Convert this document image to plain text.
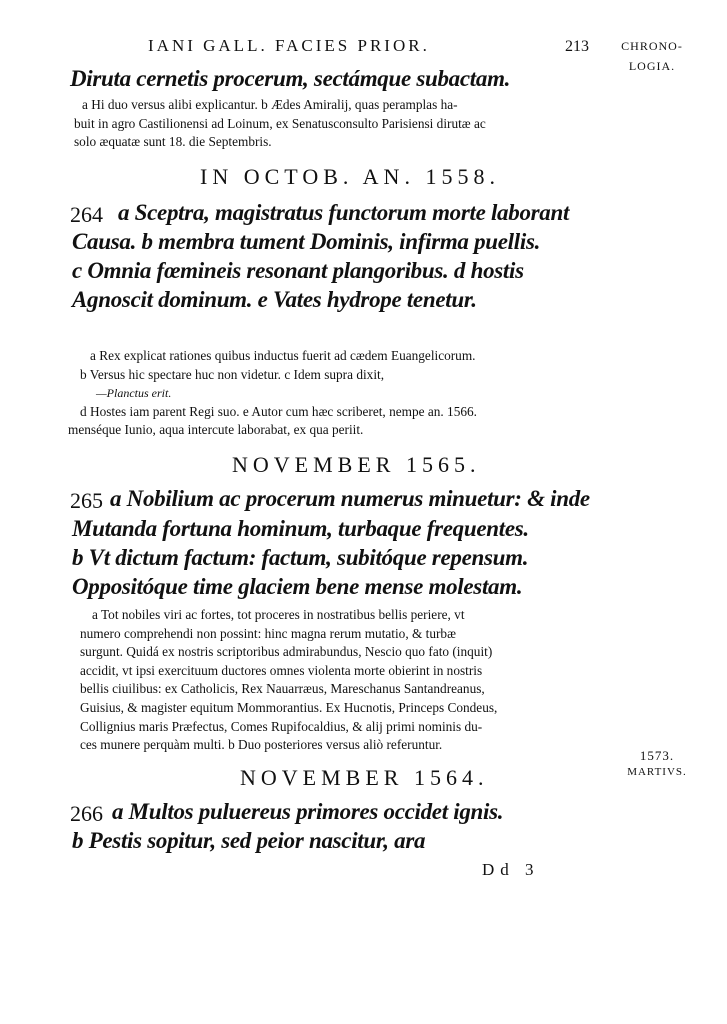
IANI GALL. FACIES PRIOR.	213	CHRONO-
LOGIA.
Diruta cernetis procerum, sectámque subactam.
a Hi duo versus alibi explicantur. b Ædes Amiralij, quas peramplas ha-
buit in agro Castilionensi ad Loinum, ex Senatusconsulto Parisiensi dirutæ ac
solo æquatæ sunt 18. die Septembris.
IN OCTOB. AN. 1558.
264 a Sceptra, magistratus functorum morte laborant
Causa. b membra tument Dominis, infirma puellis.
c Omnia fœmineis resonant plangoribus. d hostis
Agnoscit dominum. e Vates hydrope tenetur.
a Rex explicat rationes quibus inductus fuerit ad cædem Euangelicorum.
b Versus hic spectare huc non videtur. c Idem supra dixit,
—Planctus erit.
d Hostes iam parent Regi suo. e Autor cum hæc scriberet, nempe an. 1566.
menséque Iunio, aqua intercute laborabat, ex qua periit.
NOVEMBER 1565.
265 a Nobilium ac procerum numerus minuetur: & inde
Mutanda fortuna hominum, turbaque frequentes.
b Vt dictum factum: factum, subitóque repensum.
Oppositóque time glaciem bene mense molestam.
a Tot nobiles viri ac fortes, tot proceres in nostratibus bellis periere, vt
numero comprehendi non possint: hinc magna rerum mutatio, & turbæ
surgunt. Quidá ex nostris scriptoribus admirabundus, Nescio quo fato (inquit)
accidit, vt ipsi exercituum ductores omnes violenta morte obierint in nostris
bellis ciuilibus: ex Catholicis, Rex Nauarræus, Mareschanus Santandreanus,
Guisius, & magister equitum Mommorantius. Ex Hucnotis, Princeps Condeus,
Collignius maris Præfectus, Comes Rupifocaldius, & alij primi nominis du-
ces munere perquàm multi. b Duo posteriores versus aliò referuntur.
1573.
MARTIVS.
NOVEMBER 1564.
266 a Multos puluereus primores occidet ignis.
b Pestis sopitur, sed peior nascitur, ara
Dd 3
